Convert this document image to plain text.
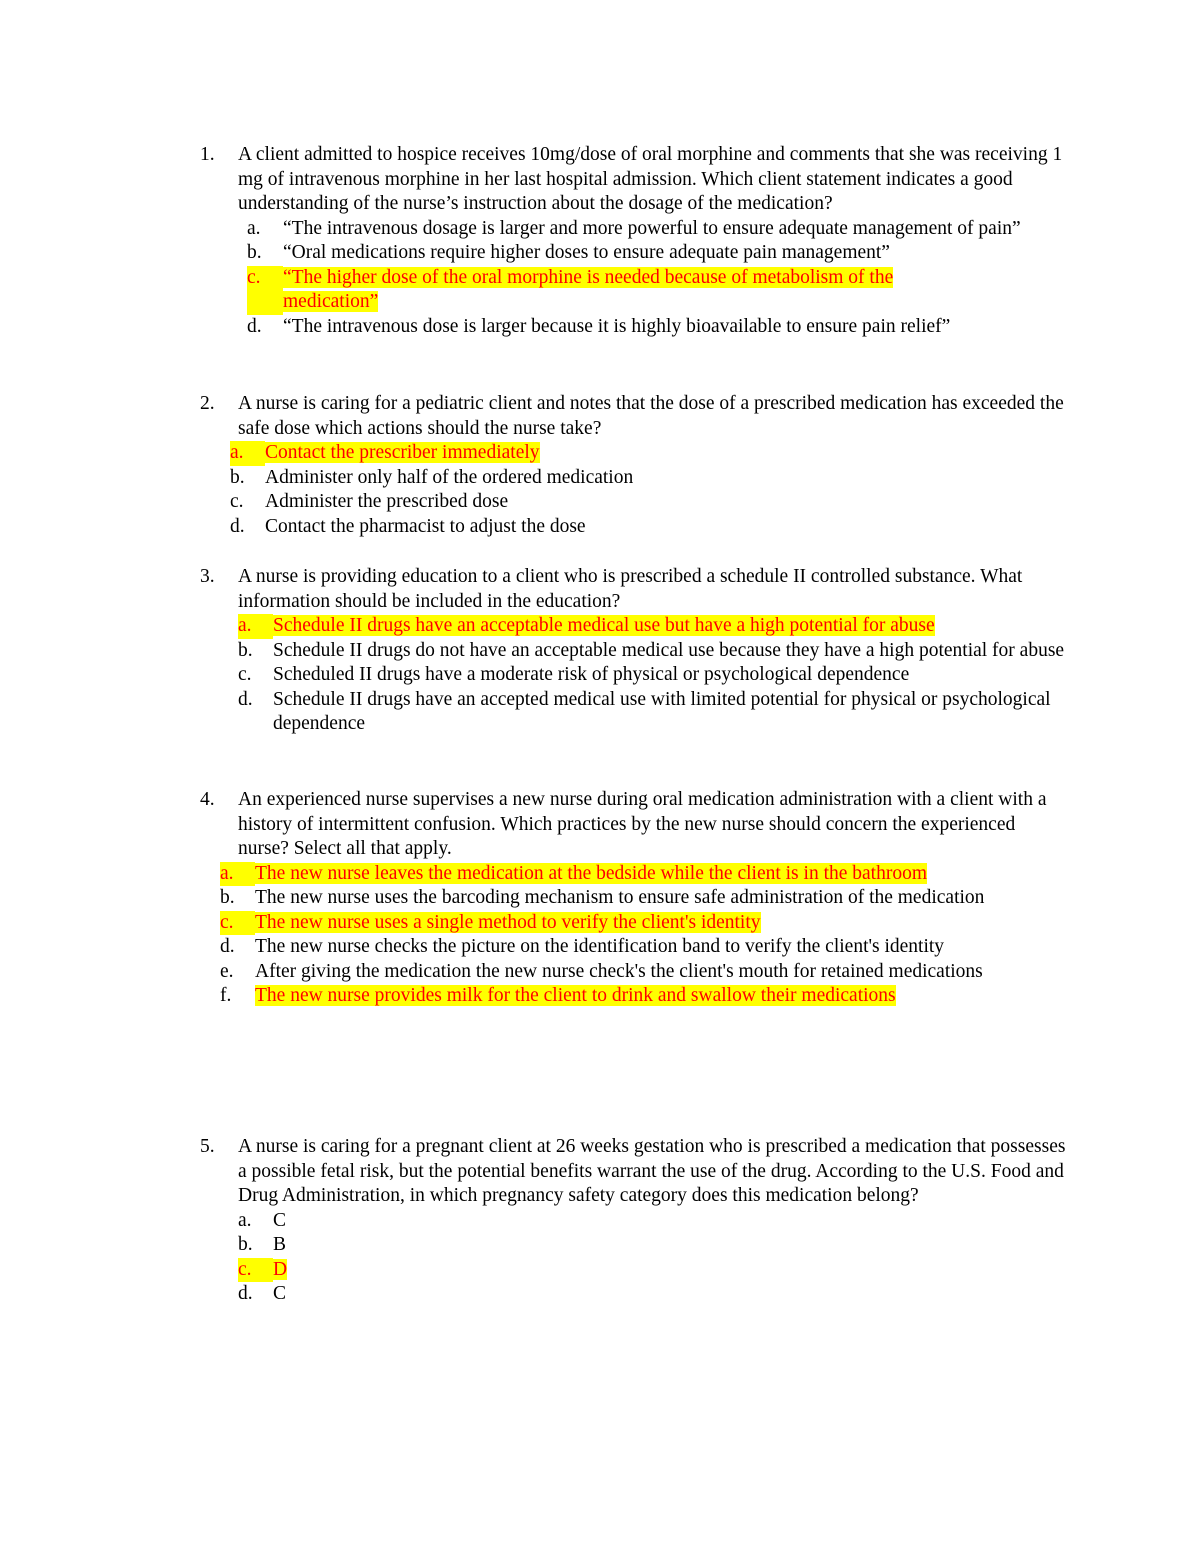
1.	A client admitted to hospice receives 10mg/dose of oral morphine and comments that she was receiving 1 mg of intravenous morphine in her last hospital admission. Which client statement indicates a good understanding of the nurse’s instruction about the dosage of the medication?
a.	“The intravenous dosage is larger and more powerful to ensure adequate management of pain”
b.	“Oral medications require higher doses to ensure adequate pain management”
c.	“The higher dose of the oral morphine is needed because of metabolism of the medication”
d.	“The intravenous dose is larger because it is highly bioavailable to ensure pain relief”
2.	A nurse is caring for a pediatric client and notes that the dose of a prescribed medication has exceeded the safe dose which actions should the nurse take?
a.	Contact the prescriber immediately
b.	Administer only half of the ordered medication
c.	Administer the prescribed dose
d.	Contact the pharmacist to adjust the dose
3.	A nurse is providing education to a client who is prescribed a schedule II controlled substance. What information should be included in the education?
a.	Schedule II drugs have an acceptable medical use but have a high potential for abuse
b.	Schedule II drugs do not have an acceptable medical use because they have a high potential for abuse
c.	Scheduled II drugs have a moderate risk of physical or psychological dependence
d.	Schedule II drugs have an accepted medical use with limited potential for physical or psychological dependence
4.	An experienced nurse supervises a new nurse during oral medication administration with a client with a history of intermittent confusion. Which practices by the new nurse should concern the experienced nurse? Select all that apply.
a.	The new nurse leaves the medication at the bedside while the client is in the bathroom
b.	The new nurse uses the barcoding mechanism to ensure safe administration of the medication
c.	The new nurse uses a single method to verify the client's identity
d.	The new nurse checks the picture on the identification band to verify the client's identity
e.	After giving the medication the new nurse check's the client's mouth for retained medications
f.	The new nurse provides milk for the client to drink and swallow their medications
5.	A nurse is caring for a pregnant client at 26 weeks gestation who is prescribed a medication that possesses a possible fetal risk, but the potential benefits warrant the use of the drug. According to the U.S. Food and Drug Administration, in which pregnancy safety category does this medication belong?
a.	C
b.	B
c.	D
d.	C
